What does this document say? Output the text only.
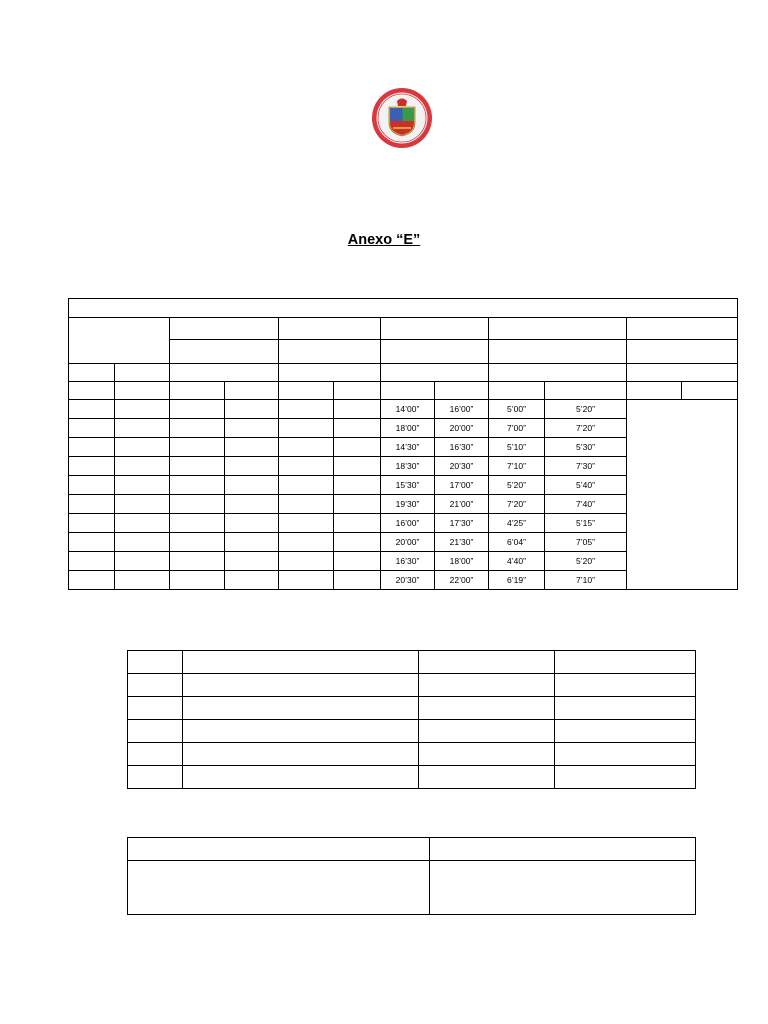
Anexo “E”

						14’00”	16’00”	5’00”	5’20”		
						18’00”	20’00”	7’00”	7’20”		
						14’30”	16’30”	5’10”	5’30”		
						18’30”	20’30”	7’10”	7’30”		
						15’30”	17’00”	5’20”	5’40”		
						19’30”	21’00”	7’20”	7’40”		
						16’00”	17’30”	4’25”	5’15”		
						20’00”	21’30”	6’04”	7’05”		
						16’30”	18’00”	4’40”	5’20”		
						20’30”	22’00”	6’19”	7’10”		
